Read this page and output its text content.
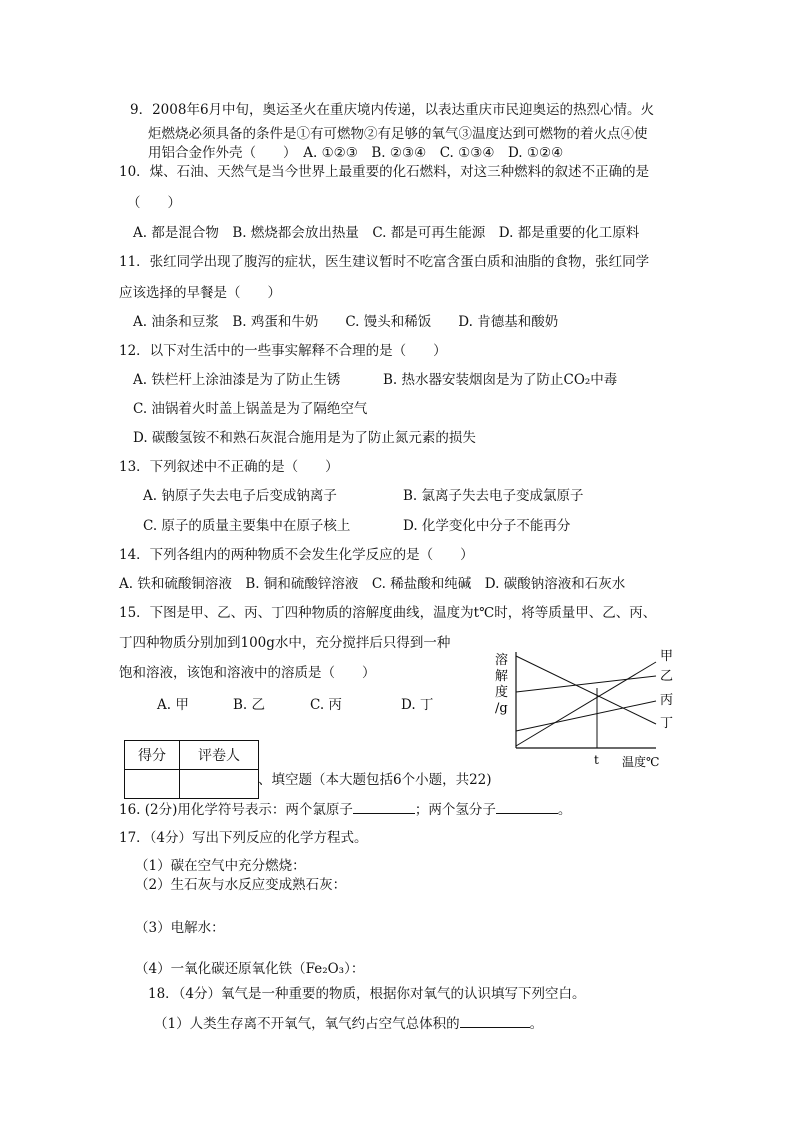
9．2008年6月中旬，奥运圣火在重庆境内传递，以表达重庆市民迎奥运的热烈心情。火
炬燃烧必须具备的条件是①有可燃物②有足够的氧气③温度达到可燃物的着火点④使
用铝合金作外壳（　　）　A. ①②③　B. ②③④　C. ①③④　D. ①②④
10．煤、石油、天然气是当今世界上最重要的化石燃料，对这三种燃料的叙述不正确的是
（　　）
A. 都是混合物　B. 燃烧都会放出热量　C. 都是可再生能源　D. 都是重要的化工原料
11．张红同学出现了腹泻的症状，医生建议暂时不吃富含蛋白质和油脂的食物，张红同学
应该选择的早餐是（　　）
A. 油条和豆浆　B. 鸡蛋和牛奶　　C. 馒头和稀饭　　D. 肯德基和酸奶
12．以下对生活中的一些事实解释不合理的是（　　）
A. 铁栏杆上涂油漆是为了防止生锈	B. 热水器安装烟囱是为了防止CO₂中毒
C. 油锅着火时盖上锅盖是为了隔绝空气
D. 碳酸氢铵不和熟石灰混合施用是为了防止氮元素的损失
13．下列叙述中不正确的是（　　）
A. 钠原子失去电子后变成钠离子	B. 氯离子失去电子变成氯原子
C. 原子的质量主要集中在原子核上	D. 化学变化中分子不能再分
14．下列各组内的两种物质不会发生化学反应的是（　　）
A. 铁和硫酸铜溶液　B. 铜和硫酸锌溶液　C. 稀盐酸和纯碱　D. 碳酸钠溶液和石灰水
15．下图是甲、乙、丙、丁四种物质的溶解度曲线，温度为t℃时，将等质量甲、乙、丙、
丁四种物质分别加到100g水中，充分搅拌后只得到一种
饱和溶液，该饱和溶液中的溶质是（　　）
A. 甲	B. 乙	C. 丙	D. 丁
溶
解
度
/g
甲
乙
丙
丁
t 温度℃
得分	评卷人

、填空题（本大题包括6个小题，共22)
16. (2分)用化学符号表示：两个氯原子	；两个氢分子	。
17．（4分）写出下列反应的化学方程式。
（1）碳在空气中充分燃烧：
（2）生石灰与水反应变成熟石灰：
（3）电解水：
（4）一氧化碳还原氧化铁（Fe₂O₃）：
18．（4分）氧气是一种重要的物质，根据你对氧气的认识填写下列空白。
（1）人类生存离不开氧气，氧气约占空气总体积的	。
